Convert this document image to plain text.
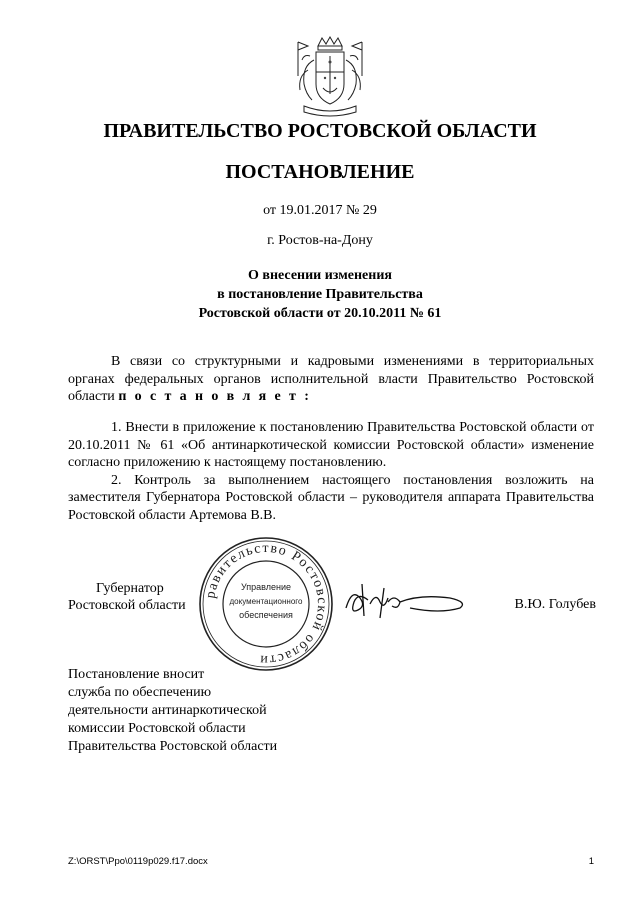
ПРАВИТЕЛЬСТВО РОСТОВСКОЙ ОБЛАСТИ
ПОСТАНОВЛЕНИЕ
от 19.01.2017 № 29
г. Ростов-на-Дону
О внесении изменения
в постановление Правительства
Ростовской области от 20.10.2011 № 61
В связи со структурными и кадровыми изменениями в территориальных органах федеральных органов исполнительной власти Правительство Ростовской области п о с т а н о в л я е т :
1. Внести в приложение к постановлению Правительства Ростовской области от 20.10.2011 № 61 «Об антинаркотической комиссии Ростовской области» изменение согласно приложению к настоящему постановлению.
2. Контроль за выполнением настоящего постановления возложить на заместителя Губернатора Ростовской области – руководителя аппарата Правительства Ростовской области Артемова В.В.
Губернатор
Ростовской области
равительство Ростовской области
Управление
документационного
обеспечения
В.Ю. Голубев
Постановление вносит
служба по обеспечению
деятельности антинаркотической
комиссии Ростовской области
Правительства Ростовской области
Z:\ORST\Ppo\0119p029.f17.docx	1
